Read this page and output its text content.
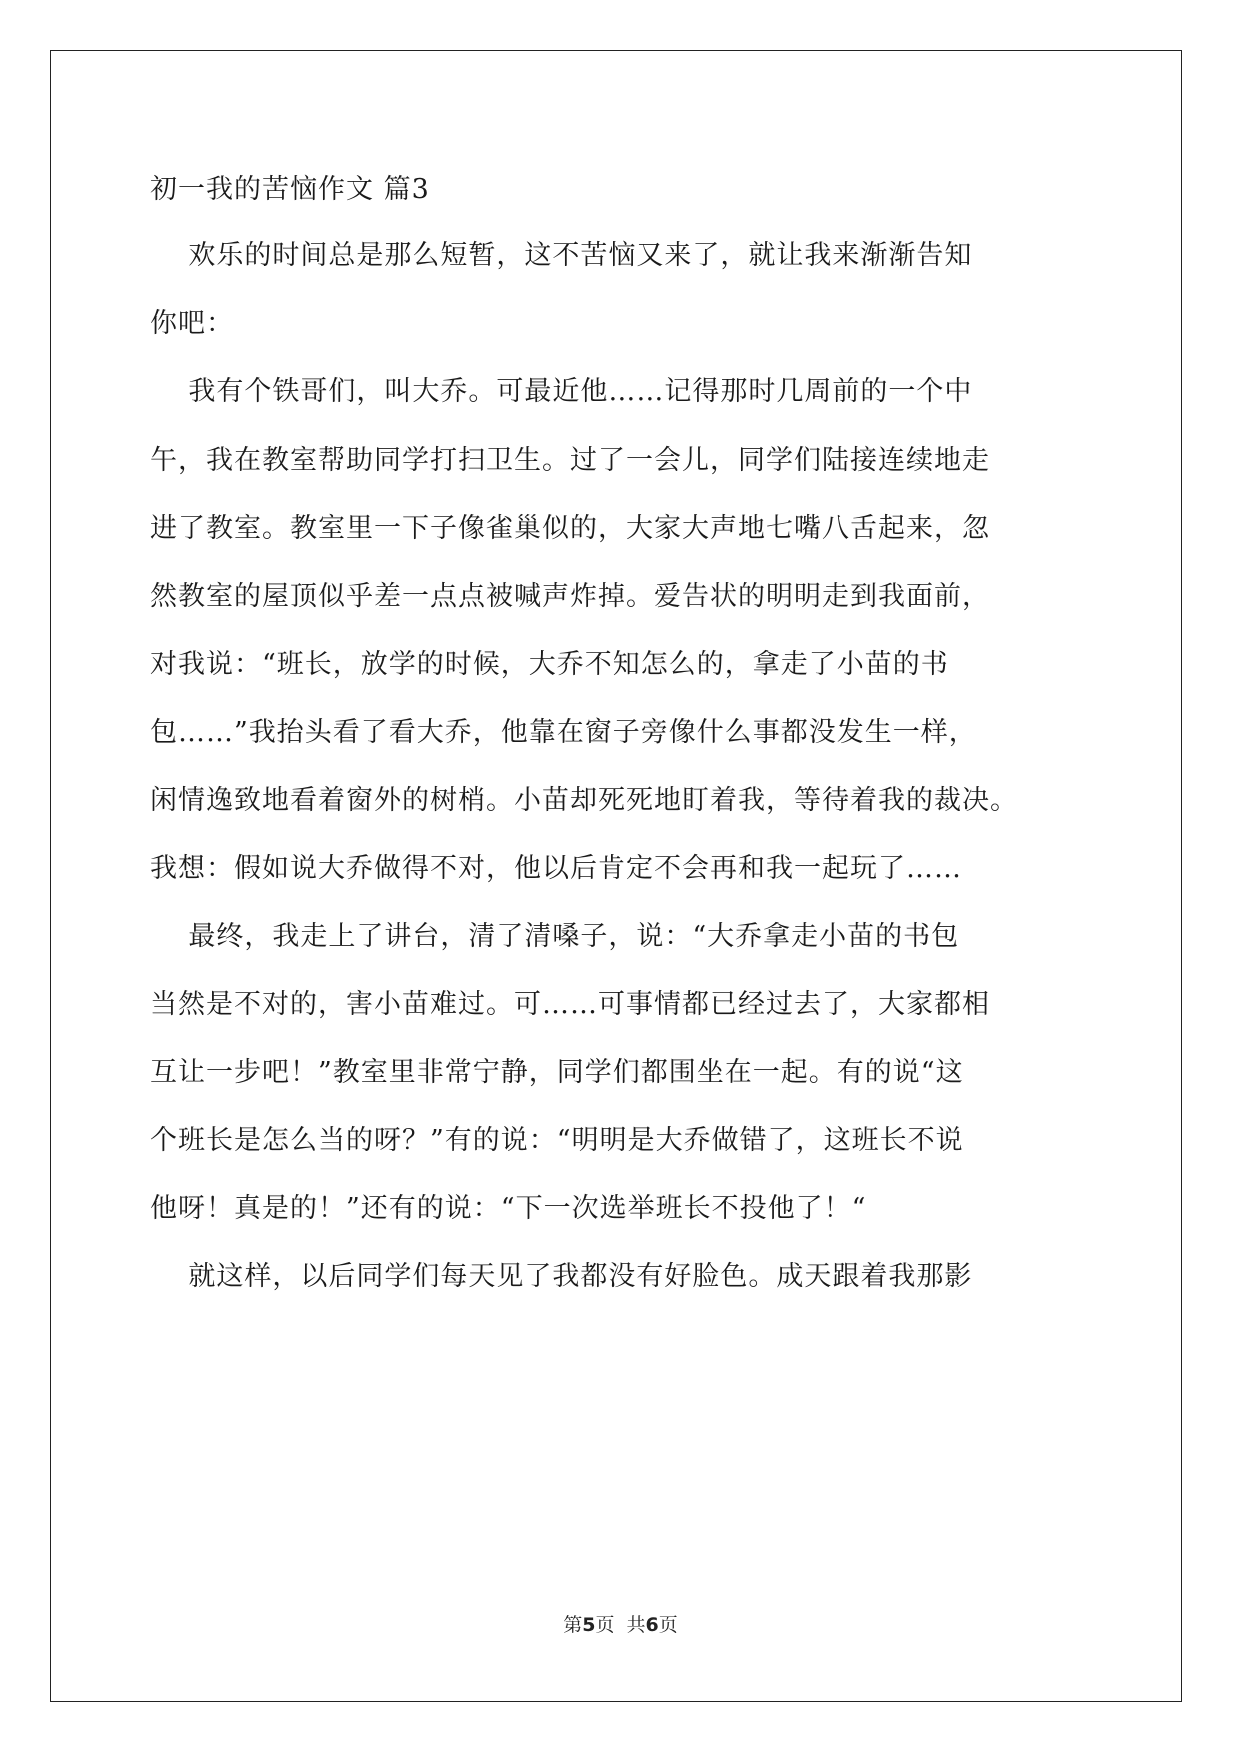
初一我的苦恼作文 篇3
欢乐的时间总是那么短暂，这不苦恼又来了，就让我来渐渐告知
你吧：
我有个铁哥们，叫大乔。可最近他……记得那时几周前的一个中
午，我在教室帮助同学打扫卫生。过了一会儿，同学们陆接连续地走
进了教室。教室里一下子像雀巢似的，大家大声地七嘴八舌起来，忽
然教室的屋顶似乎差一点点被喊声炸掉。爱告状的明明走到我面前，
对我说：“班长，放学的时候，大乔不知怎么的，拿走了小苗的书
包……”我抬头看了看大乔，他靠在窗子旁像什么事都没发生一样，
闲情逸致地看着窗外的树梢。小苗却死死地盯着我，等待着我的裁决。
我想：假如说大乔做得不对，他以后肯定不会再和我一起玩了……
最终，我走上了讲台，清了清嗓子，说：“大乔拿走小苗的书包
当然是不对的，害小苗难过。可……可事情都已经过去了，大家都相
互让一步吧！”教室里非常宁静，同学们都围坐在一起。有的说“这
个班长是怎么当的呀？”有的说：“明明是大乔做错了，这班长不说
他呀！真是的！”还有的说：“下一次选举班长不投他了！“
就这样，以后同学们每天见了我都没有好脸色。成天跟着我那影
第5页  共6页
